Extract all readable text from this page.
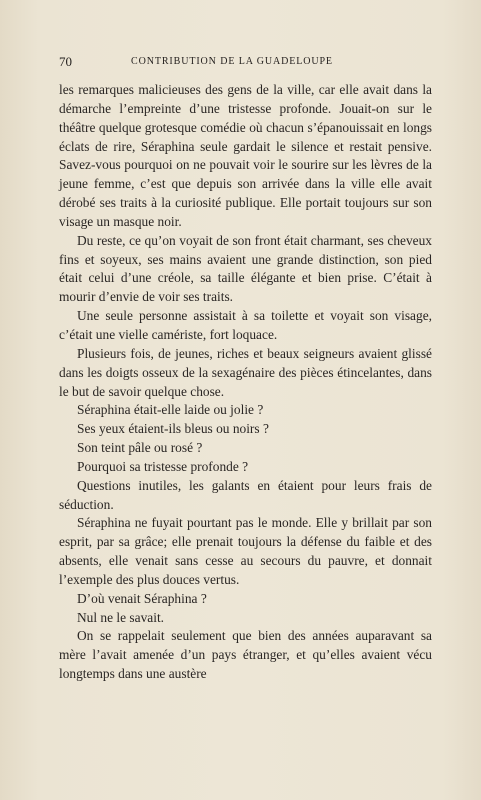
70	CONTRIBUTION DE LA GUADELOUPE

les remarques malicieuses des gens de la ville, car elle avait dans la démarche l’empreinte d’une tristesse profonde. Jouait-on sur le théâtre quelque grotesque comédie où chacun s’épanouissait en longs éclats de rire, Séraphina seule gardait le silence et restait pensive. Savez-vous pourquoi on ne pouvait voir le sourire sur les lèvres de la jeune femme, c’est que depuis son arrivée dans la ville elle avait dérobé ses traits à la curiosité publique. Elle portait toujours sur son visage un masque noir.

Du reste, ce qu’on voyait de son front était charmant, ses cheveux fins et soyeux, ses mains avaient une grande distinction, son pied était celui d’une créole, sa taille élégante et bien prise. C’était à mourir d’envie de voir ses traits.

Une seule personne assistait à sa toilette et voyait son visage, c’était une vielle camériste, fort loquace.

Plusieurs fois, de jeunes, riches et beaux seigneurs avaient glissé dans les doigts osseux de la sexagénaire des pièces étincelantes, dans le but de savoir quelque chose.

Séraphina était-elle laide ou jolie ?

Ses yeux étaient-ils bleus ou noirs ?

Son teint pâle ou rosé ?

Pourquoi sa tristesse profonde ?

Questions inutiles, les galants en étaient pour leurs frais de séduction.

Séraphina ne fuyait pourtant pas le monde. Elle y brillait par son esprit, par sa grâce; elle prenait toujours la défense du faible et des absents, elle venait sans cesse au secours du pauvre, et donnait l’exemple des plus douces vertus.

D’où venait Séraphina ?

Nul ne le savait.

On se rappelait seulement que bien des années auparavant sa mère l’avait amenée d’un pays étranger, et qu’elles avaient vécu longtemps dans une austère
